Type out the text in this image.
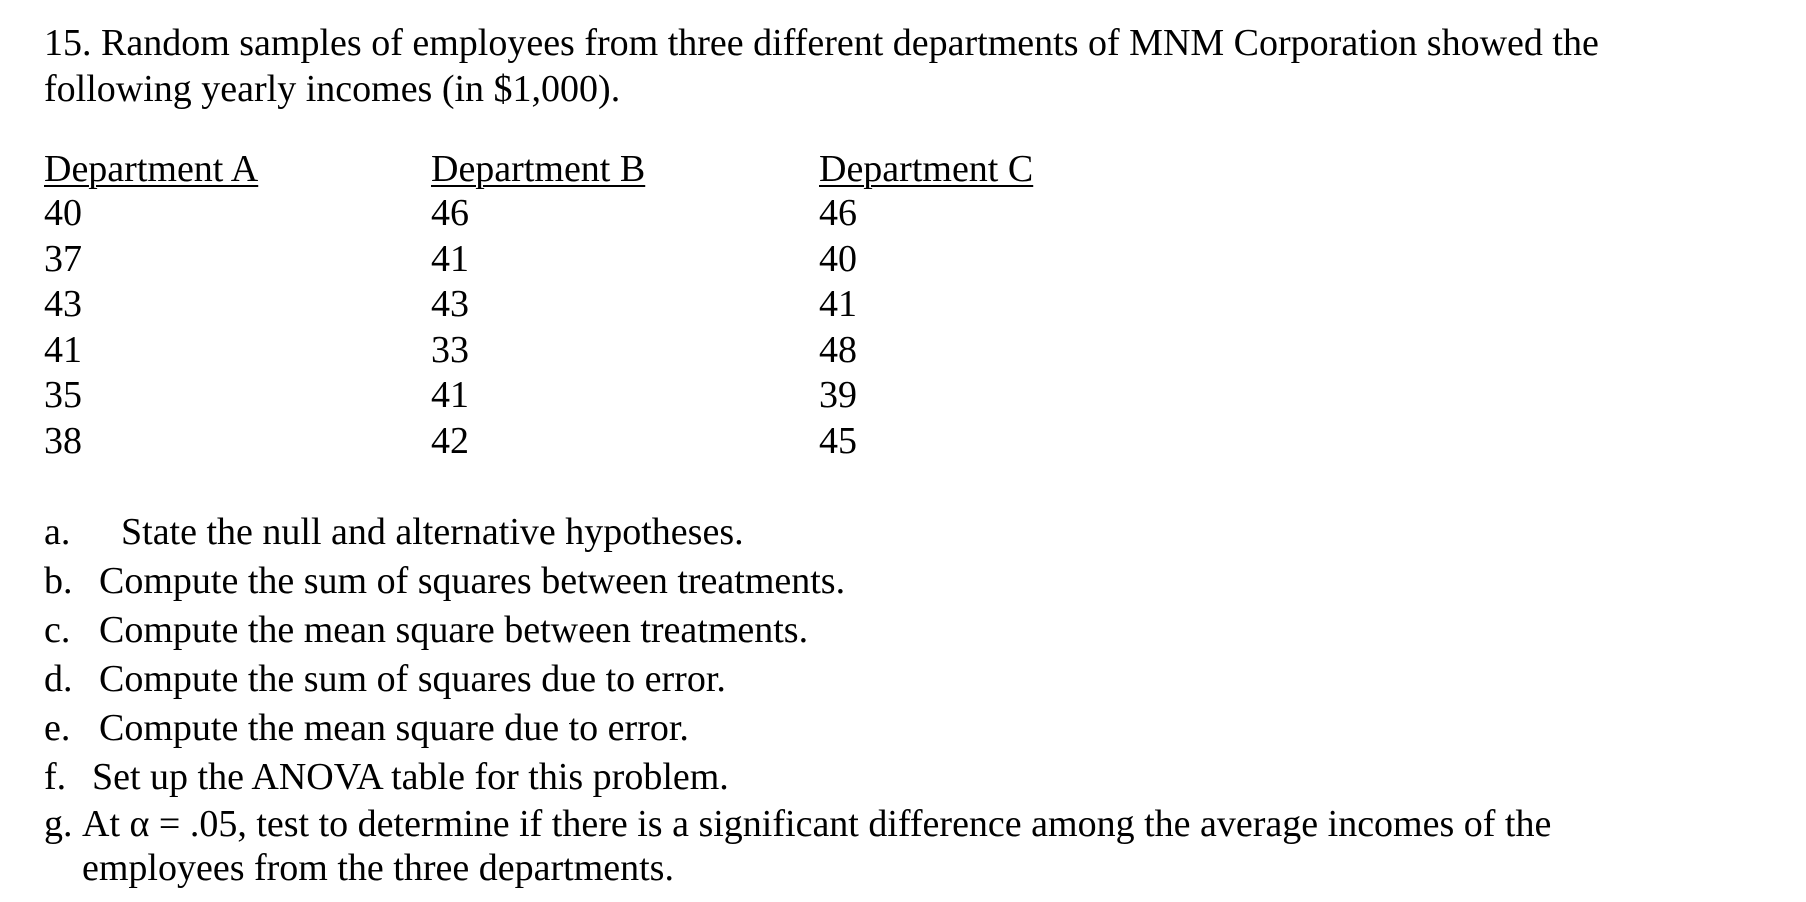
15. Random samples of employees from three different departments of MNM Corporation showed the
following yearly incomes (in $1,000).
Department A
40
37
43
41
35
38
Department B
46
41
43
33
41
42
Department C
46
40
41
48
39
45
a. State the null and alternative hypotheses.
b. Compute the sum of squares between treatments.
c. Compute the mean square between treatments.
d. Compute the sum of squares due to error.
e. Compute the mean square due to error.
f. Set up the ANOVA table for this problem.
g. At α = .05, test to determine if there is a significant difference among the average incomes of the
employees from the three departments.
